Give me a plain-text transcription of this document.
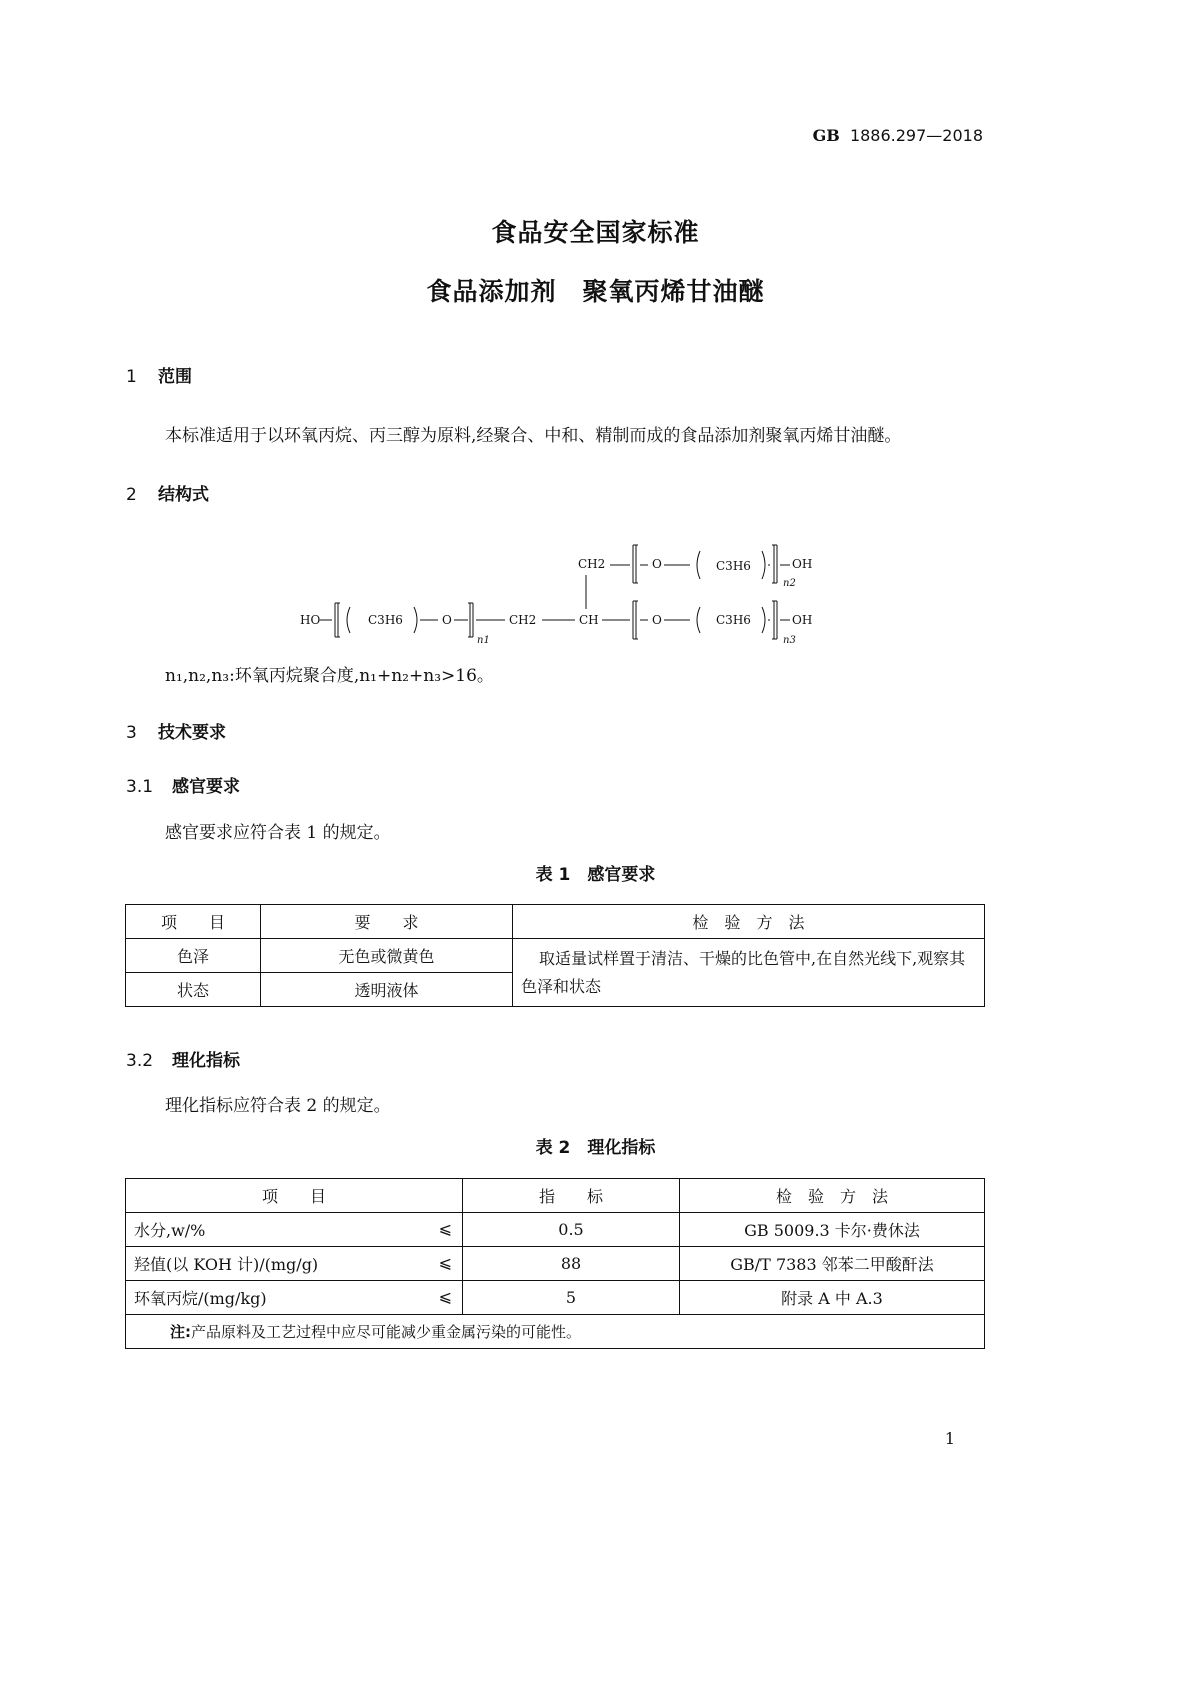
GB 1886.297—2018
食品安全国家标准
食品添加剂　聚氧丙烯甘油醚
1 范围
本标准适用于以环氧丙烷、丙三醇为原料,经聚合、中和、精制而成的食品添加剂聚氧丙烯甘油醚。
2 结构式
HO	C3H6	O
n1
CH2	CH
CH2	O	C3H6	OH
n2
O	C3H6	OH
n3
n₁,n₂,n₃:环氧丙烷聚合度,n₁+n₂+n₃>16。
3 技术要求
3.1 感官要求
感官要求应符合表 1 的规定。
表 1　感官要求
项　　目	要　　求	检　验　方　法
色泽	无色或微黄色	取适量试样置于清洁、干燥的比色管中,在自然光线下,观察其色泽和状态
状态	透明液体	
3.2 理化指标
理化指标应符合表 2 的规定。
表 2　理化指标
项　　目	指　　标	检　验　方　法
水分,w/% ⩽	0.5	GB 5009.3 卡尔·费休法
羟值(以 KOH 计)/(mg/g) ⩽	88	GB/T 7383 邻苯二甲酸酐法
环氧丙烷/(mg/kg) ⩽	5	附录 A 中 A.3
注:产品原料及工艺过程中应尽可能减少重金属污染的可能性。		
1
